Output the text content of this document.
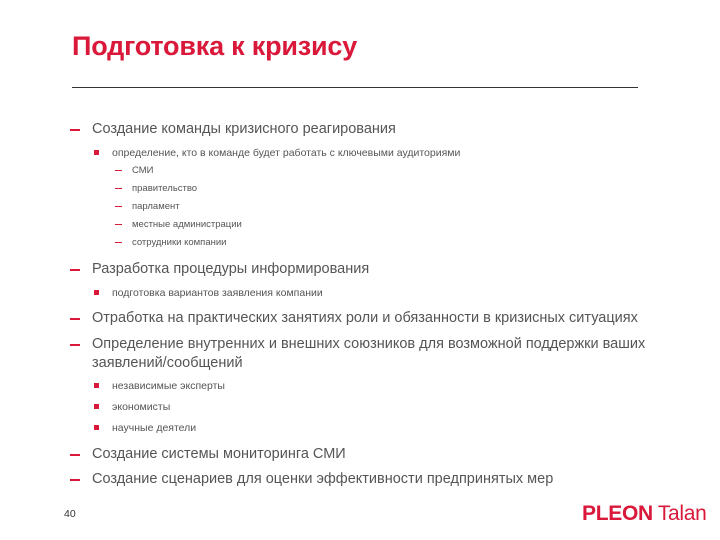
Подготовка к кризису
Создание команды кризисного реагирования
определение, кто в команде будет работать с ключевыми аудиториями
СМИ
правительство
парламент
местные администрации
сотрудники компании
Разработка процедуры информирования
подготовка вариантов заявления компании
Отработка на практических занятиях роли и обязанности в кризисных ситуациях
Определение внутренних и внешних союзников для возможной поддержки ваших заявлений/сообщений
независимые эксперты
экономисты
научные деятели
Создание системы мониторинга СМИ
Создание сценариев для оценки эффективности предпринятых мер
40	PLEON Talan
